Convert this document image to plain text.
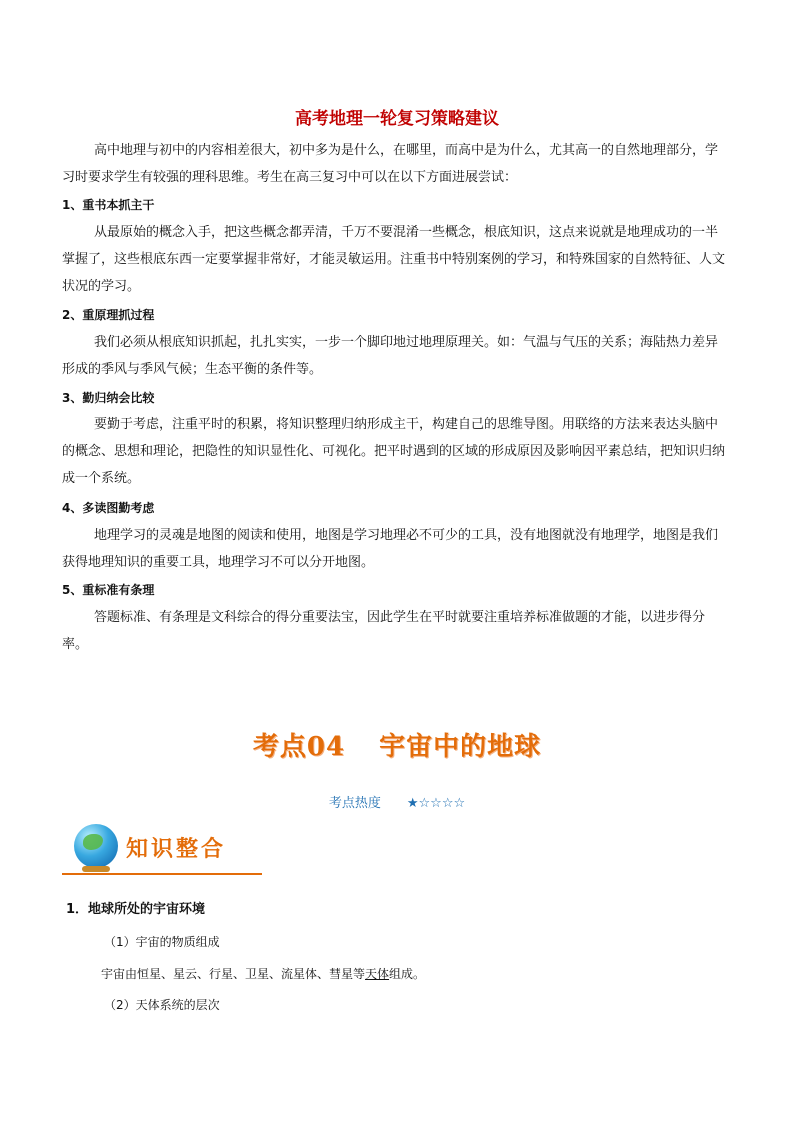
高考地理一轮复习策略建议
高中地理与初中的内容相差很大，初中多为是什么，在哪里，而高中是为什么，尤其高一的自然地理部分，学习时要求学生有较强的理科思维。考生在高三复习中可以在以下方面进展尝试：
1、重书本抓主干
从最原始的概念入手，把这些概念都弄清，千万不要混淆一些概念，根底知识，这点来说就是地理成功的一半掌握了，这些根底东西一定要掌握非常好，才能灵敏运用。注重书中特别案例的学习，和特殊国家的自然特征、人文状况的学习。
2、重原理抓过程
我们必须从根底知识抓起，扎扎实实，一步一个脚印地过地理原理关。如：气温与气压的关系；海陆热力差异形成的季风与季风气候；生态平衡的条件等。
3、勤归纳会比较
要勤于考虑，注重平时的积累，将知识整理归纳形成主干，构建自己的思维导图。用联络的方法来表达头脑中的概念、思想和理论，把隐性的知识显性化、可视化。把平时遇到的区域的形成原因及影响因平素总结，把知识归纳成一个系统。
4、多读图勤考虑
地理学习的灵魂是地图的阅读和使用，地图是学习地理必不可少的工具，没有地图就没有地理学，地图是我们获得地理知识的重要工具，地理学习不可以分开地图。
5、重标准有条理
答题标准、有条理是文科综合的得分重要法宝，因此学生在平时就要注重培养标准做题的才能，以进步得分率。
考点04 宇宙中的地球
考点热度 ★☆☆☆☆
知识整合
1．地球所处的宇宙环境
（1）宇宙的物质组成
宇宙由恒星、星云、行星、卫星、流星体、彗星等天体组成。
（2）天体系统的层次
